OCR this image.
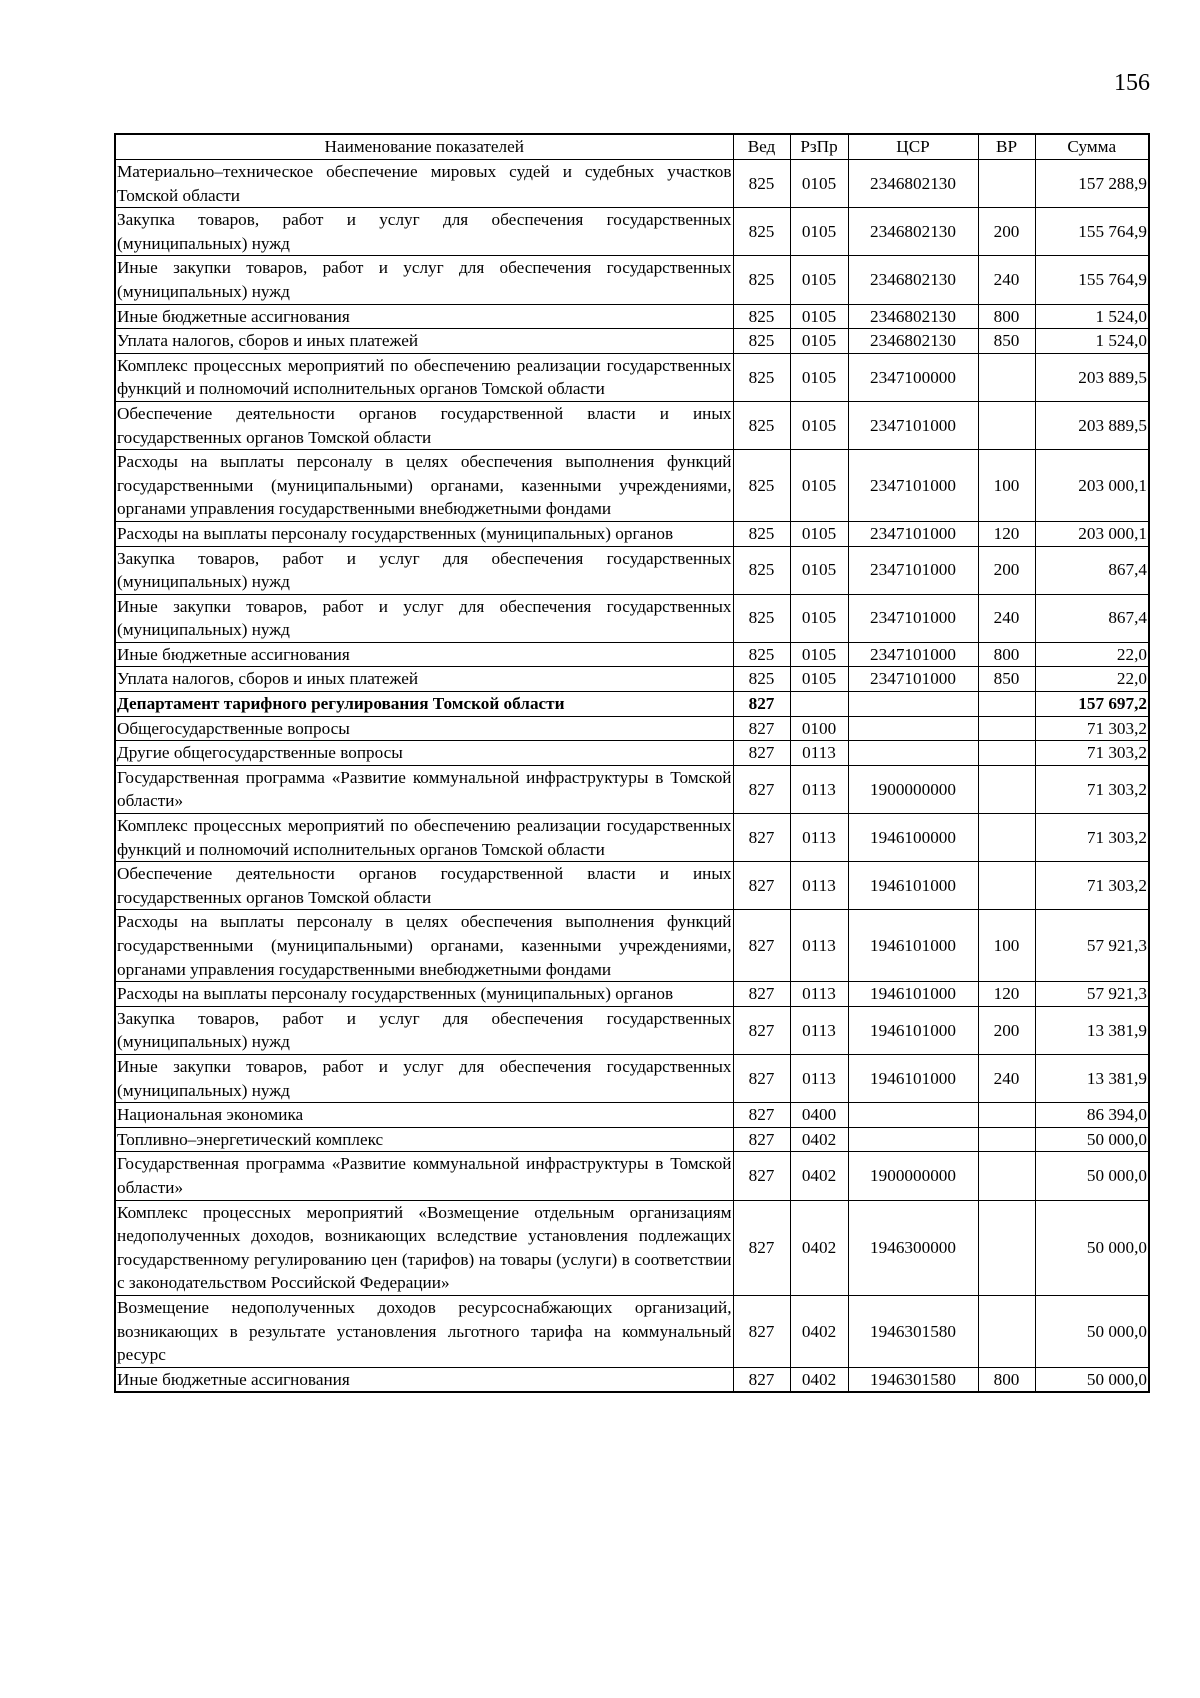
156
Наименование показателей	Вед	РзПр	ЦСР	ВР	Сумма
Материально–техническое обеспечение мировых судей и судебных участков Томской области	825	0105	2346802130		157 288,9
Закупка товаров, работ и услуг для обеспечения государственных (муниципальных) нужд	825	0105	2346802130	200	155 764,9
Иные закупки товаров, работ и услуг для обеспечения государственных (муниципальных) нужд	825	0105	2346802130	240	155 764,9
Иные бюджетные ассигнования	825	0105	2346802130	800	1 524,0
Уплата налогов, сборов и иных платежей	825	0105	2346802130	850	1 524,0
Комплекс процессных мероприятий по обеспечению реализации государственных функций и полномочий исполнительных органов Томской области	825	0105	2347100000		203 889,5
Обеспечение деятельности органов государственной власти и иных государственных органов Томской области	825	0105	2347101000		203 889,5
Расходы на выплаты персоналу в целях обеспечения выполнения функций государственными (муниципальными) органами, казенными учреждениями, органами управления государственными внебюджетными фондами	825	0105	2347101000	100	203 000,1
Расходы на выплаты персоналу государственных (муниципальных) органов	825	0105	2347101000	120	203 000,1
Закупка товаров, работ и услуг для обеспечения государственных (муниципальных) нужд	825	0105	2347101000	200	867,4
Иные закупки товаров, работ и услуг для обеспечения государственных (муниципальных) нужд	825	0105	2347101000	240	867,4
Иные бюджетные ассигнования	825	0105	2347101000	800	22,0
Уплата налогов, сборов и иных платежей	825	0105	2347101000	850	22,0
Департамент тарифного регулирования Томской области	827				157 697,2
Общегосударственные вопросы	827	0100			71 303,2
Другие общегосударственные вопросы	827	0113			71 303,2
Государственная программа «Развитие коммунальной инфраструктуры в Томской области»	827	0113	1900000000		71 303,2
Комплекс процессных мероприятий по обеспечению реализации государственных функций и полномочий исполнительных органов Томской области	827	0113	1946100000		71 303,2
Обеспечение деятельности органов государственной власти и иных государственных органов Томской области	827	0113	1946101000		71 303,2
Расходы на выплаты персоналу в целях обеспечения выполнения функций государственными (муниципальными) органами, казенными учреждениями, органами управления государственными внебюджетными фондами	827	0113	1946101000	100	57 921,3
Расходы на выплаты персоналу государственных (муниципальных) органов	827	0113	1946101000	120	57 921,3
Закупка товаров, работ и услуг для обеспечения государственных (муниципальных) нужд	827	0113	1946101000	200	13 381,9
Иные закупки товаров, работ и услуг для обеспечения государственных (муниципальных) нужд	827	0113	1946101000	240	13 381,9
Национальная экономика	827	0400			86 394,0
Топливно–энергетический комплекс	827	0402			50 000,0
Государственная программа «Развитие коммунальной инфраструктуры в Томской области»	827	0402	1900000000		50 000,0
Комплекс процессных мероприятий «Возмещение отдельным организациям недополученных доходов, возникающих вследствие установления подлежащих государственному регулированию цен (тарифов) на товары (услуги) в соответствии с законодательством Российской Федерации»	827	0402	1946300000		50 000,0
Возмещение недополученных доходов ресурсоснабжающих организаций, возникающих в результате установления льготного тарифа на коммунальный ресурс	827	0402	1946301580		50 000,0
Иные бюджетные ассигнования	827	0402	1946301580	800	50 000,0
